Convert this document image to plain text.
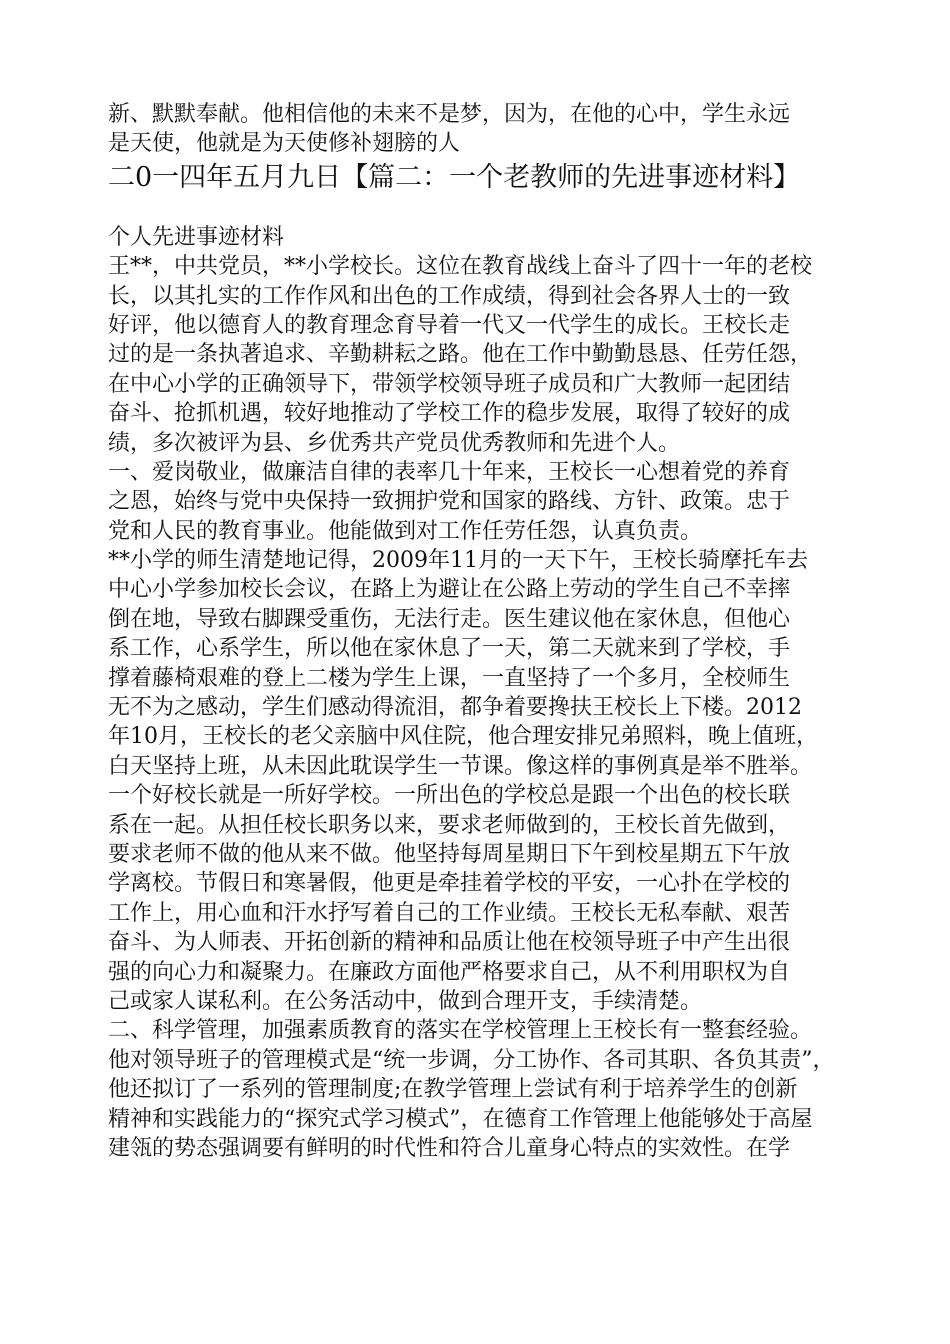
新、默默奉献。他相信他的未来不是梦，因为，在他的心中，学生永远
是天使，他就是为天使修补翅膀的人
二0一四年五月九日【篇二：一个老教师的先进事迹材料】
个人先进事迹材料
王**，中共党员，**小学校长。这位在教育战线上奋斗了四十一年的老校
长，以其扎实的工作作风和出色的工作成绩，得到社会各界人士的一致
好评，他以德育人的教育理念育导着一代又一代学生的成长。王校长走
过的是一条执著追求、辛勤耕耘之路。他在工作中勤勤恳恳、任劳任怨，
在中心小学的正确领导下，带领学校领导班子成员和广大教师一起团结
奋斗、抢抓机遇，较好地推动了学校工作的稳步发展，取得了较好的成
绩，多次被评为县、乡优秀共产党员优秀教师和先进个人。
一、爱岗敬业，做廉洁自律的表率几十年来，王校长一心想着党的养育
之恩，始终与党中央保持一致拥护党和国家的路线、方针、政策。忠于
党和人民的教育事业。他能做到对工作任劳任怨，认真负责。
**小学的师生清楚地记得，2009年11月的一天下午，王校长骑摩托车去
中心小学参加校长会议，在路上为避让在公路上劳动的学生自己不幸摔
倒在地，导致右脚踝受重伤，无法行走。医生建议他在家休息，但他心
系工作，心系学生，所以他在家休息了一天，第二天就来到了学校，手
撑着藤椅艰难的登上二楼为学生上课，一直坚持了一个多月，全校师生
无不为之感动，学生们感动得流泪，都争着要搀扶王校长上下楼。2012
年10月，王校长的老父亲脑中风住院，他合理安排兄弟照料，晚上值班，
白天坚持上班，从未因此耽误学生一节课。像这样的事例真是举不胜举。
一个好校长就是一所好学校。一所出色的学校总是跟一个出色的校长联
系在一起。从担任校长职务以来，要求老师做到的，王校长首先做到，
要求老师不做的他从来不做。他坚持每周星期日下午到校星期五下午放
学离校。节假日和寒暑假，他更是牵挂着学校的平安，一心扑在学校的
工作上，用心血和汗水抒写着自己的工作业绩。王校长无私奉献、艰苦
奋斗、为人师表、开拓创新的精神和品质让他在校领导班子中产生出很
强的向心力和凝聚力。在廉政方面他严格要求自己，从不利用职权为自
己或家人谋私利。在公务活动中，做到合理开支，手续清楚。
二、科学管理，加强素质教育的落实在学校管理上王校长有一整套经验。
他对领导班子的管理模式是“统一步调，分工协作、各司其职、各负其责”，
他还拟订了一系列的管理制度;在教学管理上尝试有利于培养学生的创新
精神和实践能力的“探究式学习模式”，在德育工作管理上他能够处于高屋
建瓴的势态强调要有鲜明的时代性和符合儿童身心特点的实效性。在学
